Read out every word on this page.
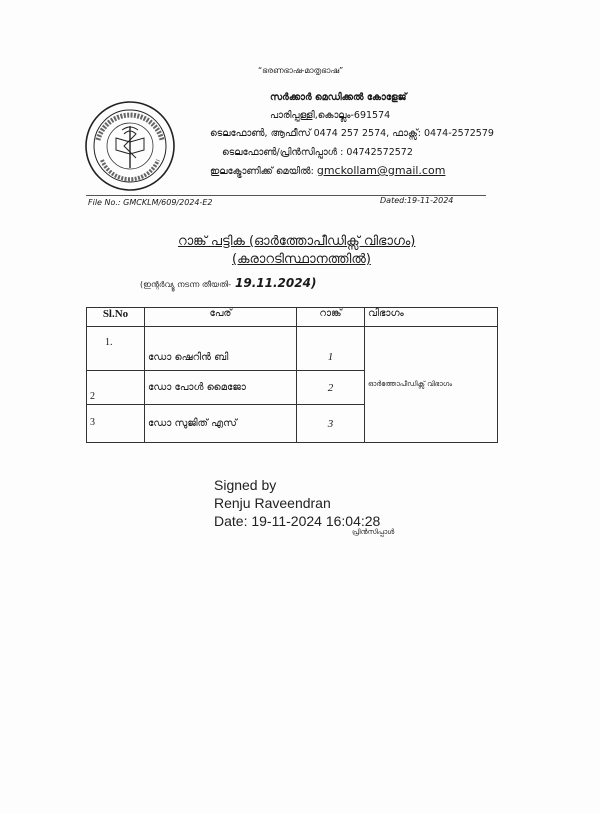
“ഭരണഭാഷ-മാതൃഭാഷ”
സർക്കാർ മെഡിക്കൽ കോളേജ്
പാരിപ്പള്ളി,കൊല്ലം-691574
ടെലഫോൺ, ആഫീസ് 0474 257 2574, ഫാക്സ്: 0474-2572579
ടെലഫോൺ/പ്രിൻസിപ്പാൾ : 04742572572
ഇലക്ട്രോണിക്ക് മെയിൽ: gmckollam@gmail.com
File No.: GMCKLM/609/2024-E2	Dated:19-11-2024
റാങ്ക് പട്ടിക (ഓർത്തോപീഡിക്സ് വിഭാഗം)
(കരാറടിസ്ഥാനത്തിൽ)
(ഇന്റർവ്യൂ നടന്ന തീയതി- 19.11.2024)
Sl.No	പേര്	റാങ്ക്	വിഭാഗം
1.	ഡോ ഷെറിൻ ബി	1	ഓർത്തോപീഡിക്സ് വിഭാഗം
2	ഡോ പോൾ മൈജോ	2	
3	ഡോ സുജിത് എസ്	3	
Signed by
Renju Raveendran
Date: 19-11-2024 16:04:28
പ്രിൻസിപ്പാൾ
